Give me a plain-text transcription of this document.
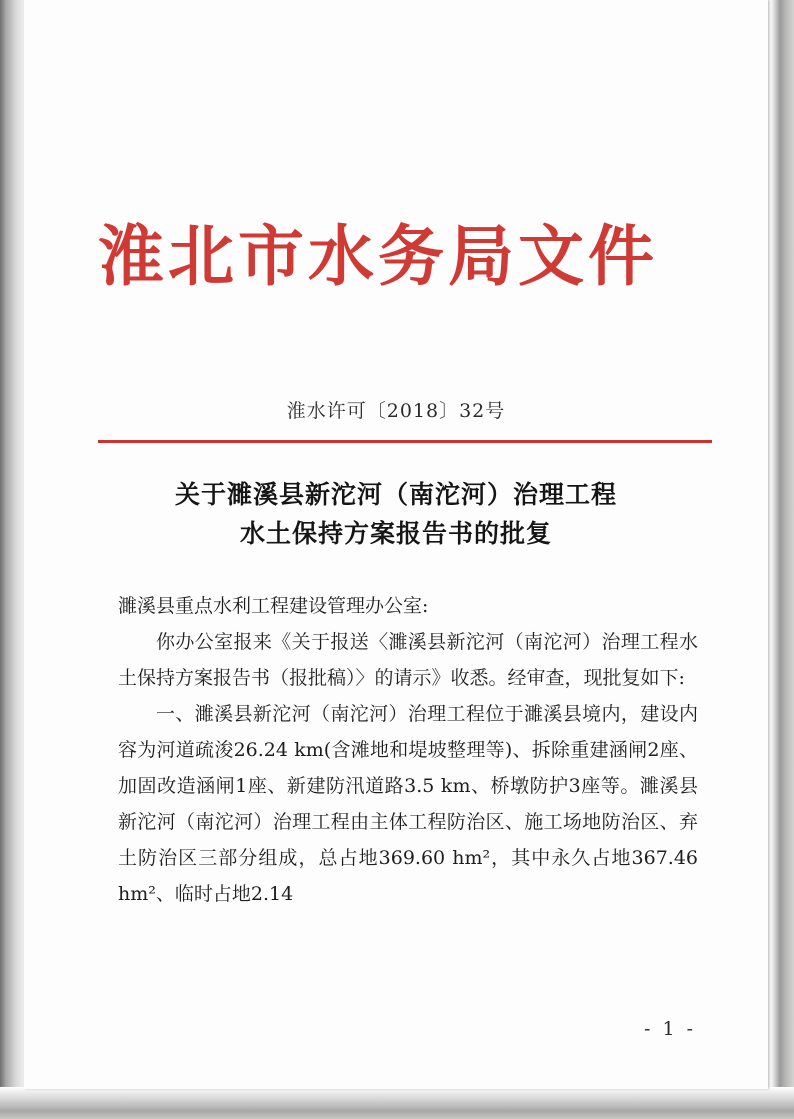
淮北市水务局文件
淮水许可〔2018〕32号
关于濉溪县新沱河（南沱河）治理工程
水土保持方案报告书的批复

濉溪县重点水利工程建设管理办公室:

你办公室报来《关于报送〈濉溪县新沱河（南沱河）治理工程水土保持方案报告书（报批稿）〉的请示》收悉。经审查，现批复如下:

一、濉溪县新沱河（南沱河）治理工程位于濉溪县境内，建设内容为河道疏浚26.24 km(含滩地和堤坡整理等)、拆除重建涵闸2座、加固改造涵闸1座、新建防汛道路3.5 km、桥墩防护3座等。濉溪县新沱河（南沱河）治理工程由主体工程防治区、施工场地防治区、弃土防治区三部分组成，总占地369.60 hm²，其中永久占地367.46 hm²、临时占地2.14

- 1 -
